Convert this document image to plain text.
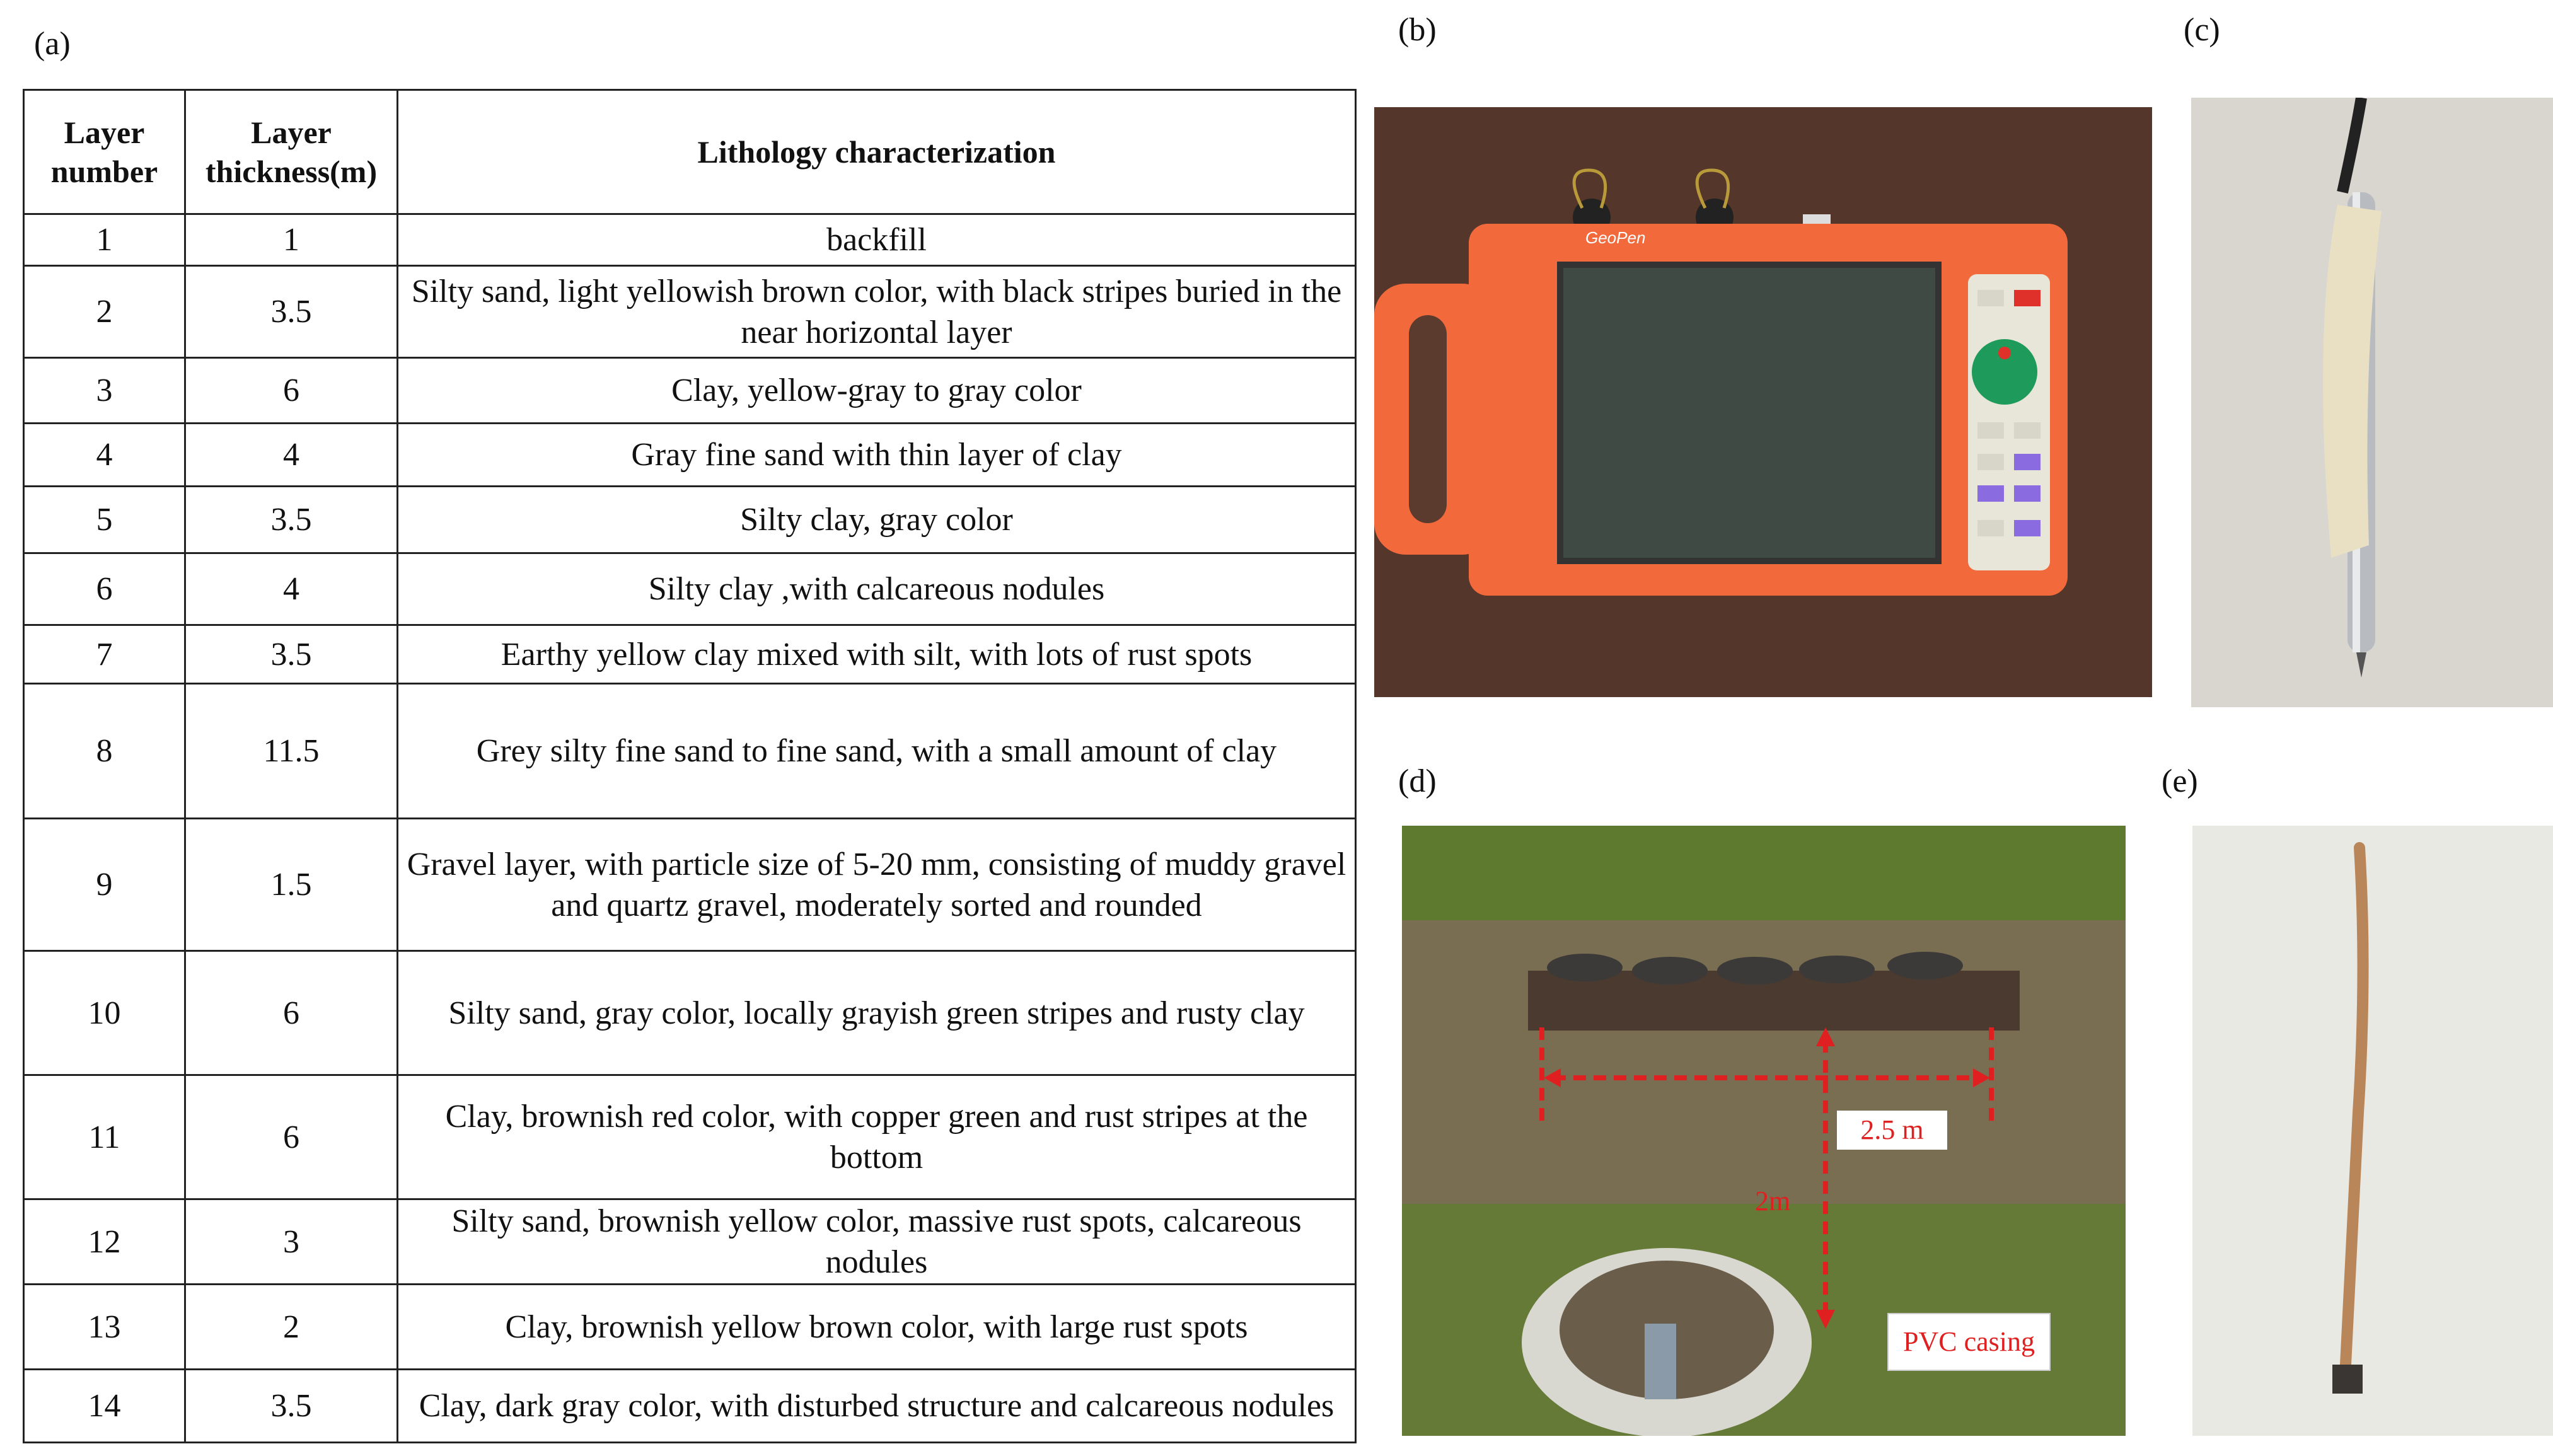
(a)	(b)	(c)
(d)	(e)
Layer number	Layer thickness(m)	Lithology characterization
1	1	backfill
2	3.5	Silty sand, light yellowish brown color, with black stripes buried in the near horizontal layer
3	6	Clay, yellow-gray to gray color
4	4	Gray fine sand with thin layer of clay
5	3.5	Silty clay, gray color
6	4	Silty clay ,with calcareous nodules
7	3.5	Earthy yellow clay mixed with silt, with lots of rust spots
8	11.5	Grey silty fine sand to fine sand, with a small amount of clay
9	1.5	Gravel layer, with particle size of 5-20 mm, consisting of muddy gravel and quartz gravel, moderately sorted and rounded
10	6	Silty sand, gray color, locally grayish green stripes and rusty clay
11	6	Clay, brownish red color, with copper green and rust stripes at the bottom
12	3	Silty sand, brownish yellow color, massive rust spots, calcareous nodules
13	2	Clay, brownish yellow brown color, with large rust spots
14	3.5	Clay, dark gray color, with disturbed structure and calcareous nodules
GeoPen
2.5 m
2m
PVC casing
